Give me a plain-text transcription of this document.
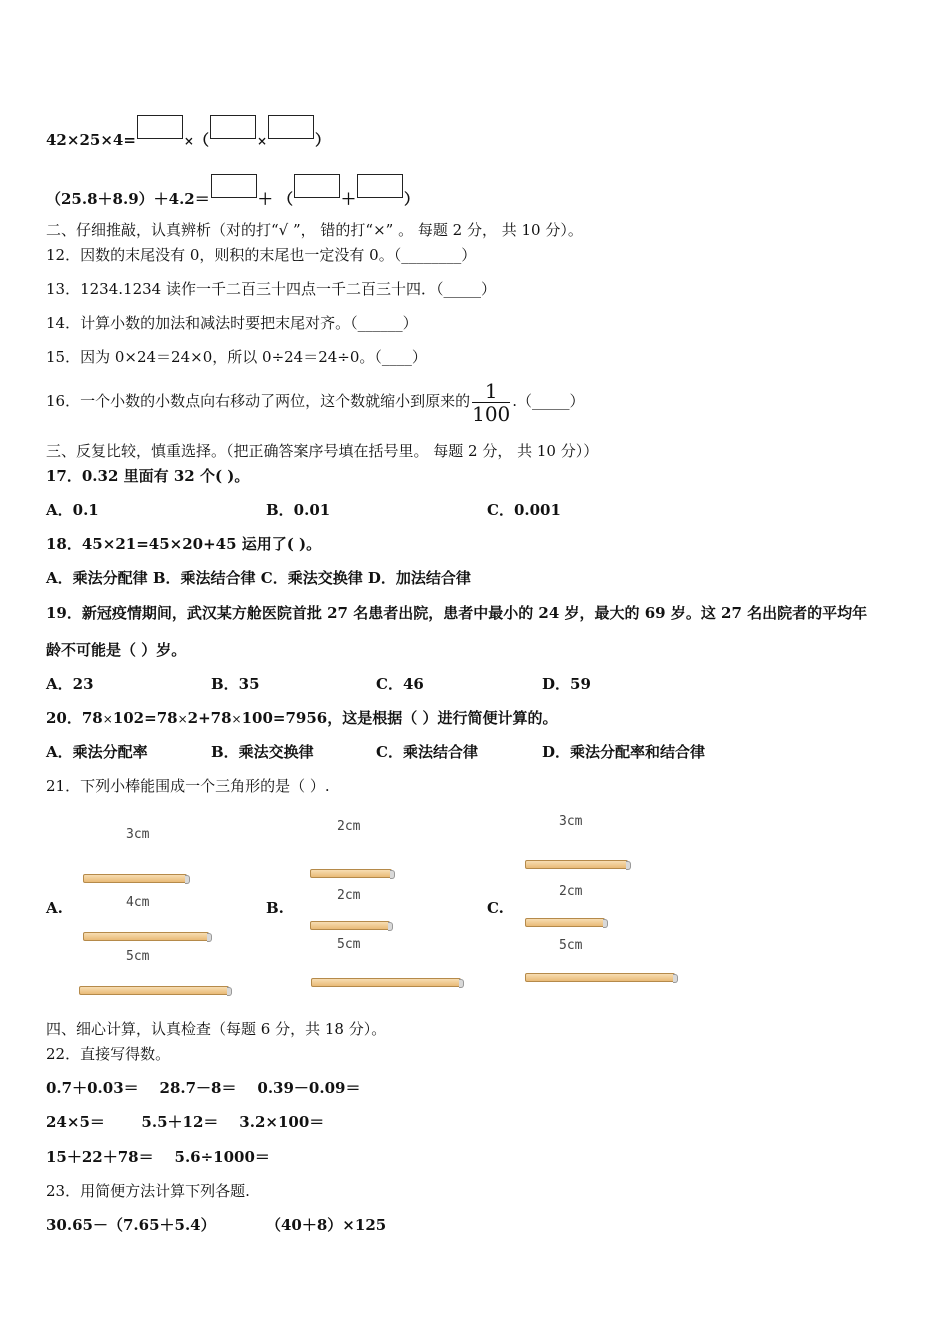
42×25×4=	×（	×	）
（25.8＋8.9）＋4.2＝	＋ （	＋	）
二、仔细推敲，认真辨析（对的打“√ ”， 错的打“×” 。 每题 2 分， 共 10 分）。
12．因数的末尾没有 0，则积的末尾也一定没有 0。（________）
13．1234.1234 读作一千二百三十四点一千二百三十四．（_____）
14．计算小数的加法和减法时要把末尾对齐。（______）
15．因为 0×24＝24×0，所以 0÷24＝24÷0。（____）
16．一个小数的小数点向右移动了两位，这个数就缩小到原来的 $\frac{1}{100}$ .（_____）
三、反复比较，慎重选择。（把正确答案序号填在括号里。 每题 2 分， 共 10 分））
17．0.32 里面有 32 个( )。
A．0.1	B．0.01	C．0.001
18．45×21=45×20+45 运用了( )。
A．乘法分配律 B．乘法结合律 C．乘法交换律 D．加法结合律
19．新冠疫情期间，武汉某方舱医院首批 27 名患者出院，患者中最小的 24 岁，最大的 69 岁。这 27 名出院者的平均年
龄不可能是（ ）岁。
A．23	B．35	C．46	D．59
20．78×102=78×2+78×100=7956，这是根据（ ）进行简便计算的。
A．乘法分配率	B．乘法交换律	C．乘法结合律	D．乘法分配率和结合律
21．下列小棒能围成一个三角形的是（ ）.
A.
3cm
4cm
5cm
B.
2cm
2cm
5cm
C.
3cm
2cm
5cm
四、细心计算，认真检查（每题 6 分，共 18 分）。
22．直接写得数。
0.7＋0.03＝    28.7－8＝    0.39－0.09＝
24×5＝       5.5＋12＝    3.2×100＝
15＋22＋78＝    5.6÷1000＝
23．用简便方法计算下列各题.
30.65－（7.65＋5.4）	（40＋8）×125
